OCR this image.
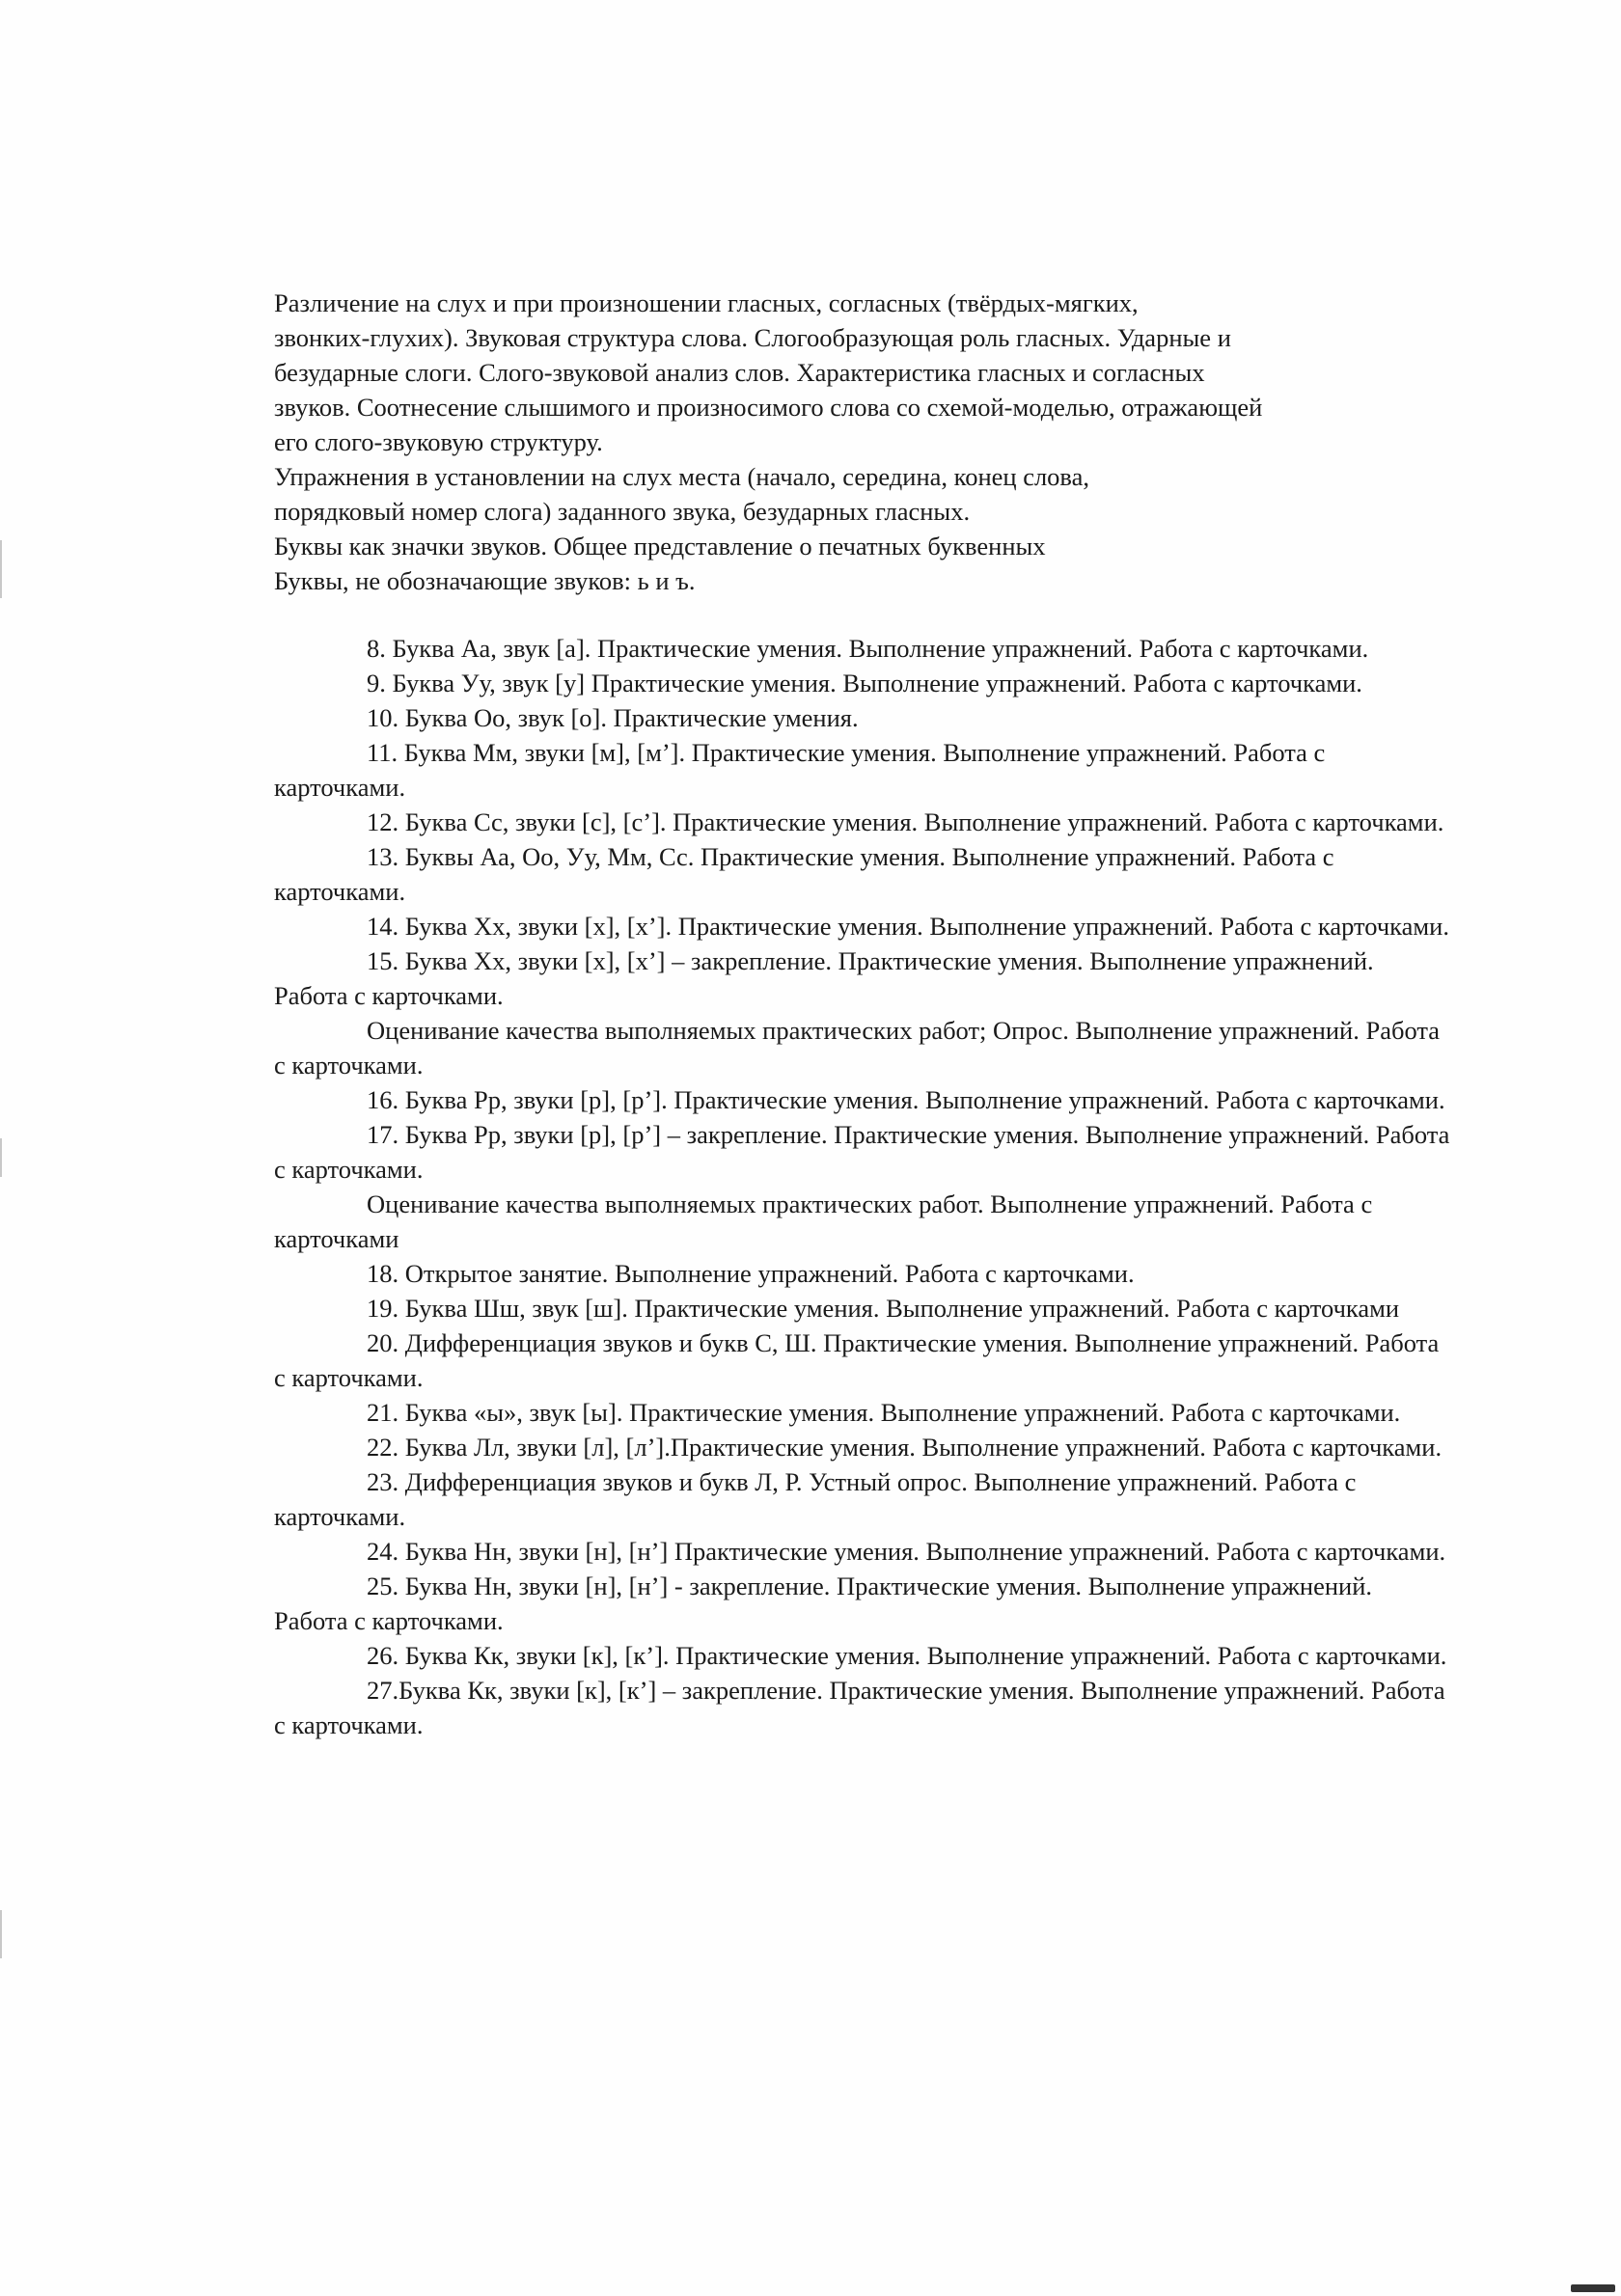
Различение на слух и при произношении гласных, согласных (твёрдых-мягких,

звонких-глухих). Звуковая структура слова. Слогообразующая роль гласных. Ударные и

безударные слоги. Слого-звуковой анализ слов. Характеристика гласных и согласных

звуков. Соотнесение слышимого и произносимого слова со схемой-моделью, отражающей

его слого-звуковую структуру.

Упражнения в установлении на слух места (начало, середина, конец слова,

порядковый номер слога) заданного звука, безударных гласных.

Буквы как значки звуков. Общее представление о печатных буквенных

Буквы, не обозначающие звуков: ь и ъ.

8. Буква Аа, звук [а]. Практические умения. Выполнение упражнений. Работа с карточками.

9. Буква Уу, звук [у] Практические умения. Выполнение упражнений. Работа с карточками.

10. Буква Оо, звук [о]. Практические умения.

11. Буква Мм, звуки [м], [м’]. Практические умения. Выполнение упражнений. Работа с карточками.

12. Буква Сс, звуки [с], [с’]. Практические умения. Выполнение упражнений. Работа с карточками.

13. Буквы Аа, Оо, Уу, Мм, Сс. Практические умения. Выполнение упражнений. Работа с карточками.

14. Буква Хх, звуки [х], [х’]. Практические умения. Выполнение упражнений. Работа с карточками.

15. Буква Хх, звуки [х], [х’] – закрепление. Практические умения. Выполнение упражнений. Работа с карточками.

Оценивание качества выполняемых практических работ; Опрос. Выполнение упражнений. Работа с карточками.

16. Буква Рр, звуки [р], [р’]. Практические умения. Выполнение упражнений. Работа с карточками.

17. Буква Рр, звуки [р], [р’] – закрепление. Практические умения. Выполнение упражнений. Работа с карточками.

Оценивание качества выполняемых практических работ. Выполнение упражнений. Работа с карточками

18. Открытое занятие. Выполнение упражнений. Работа с карточками.

19. Буква Шш, звук [ш]. Практические умения. Выполнение упражнений. Работа с карточками

20. Дифференциация звуков и букв С, Ш. Практические умения. Выполнение упражнений. Работа с карточками.

21. Буква «ы», звук [ы]. Практические умения. Выполнение упражнений. Работа с карточками.

22. Буква Лл, звуки [л], [л’].Практические умения. Выполнение упражнений. Работа с карточками.

23. Дифференциация звуков и букв Л, Р. Устный опрос. Выполнение упражнений. Работа с карточками.

24. Буква Нн, звуки [н], [н’] Практические умения. Выполнение упражнений. Работа с карточками.

25. Буква Нн, звуки [н], [н’] - закрепление. Практические умения. Выполнение упражнений. Работа с карточками.

26. Буква Кк, звуки [к], [к’]. Практические умения. Выполнение упражнений. Работа с карточками.

27.Буква Кк, звуки [к], [к’] – закрепление. Практические умения. Выполнение упражнений. Работа с карточками.
